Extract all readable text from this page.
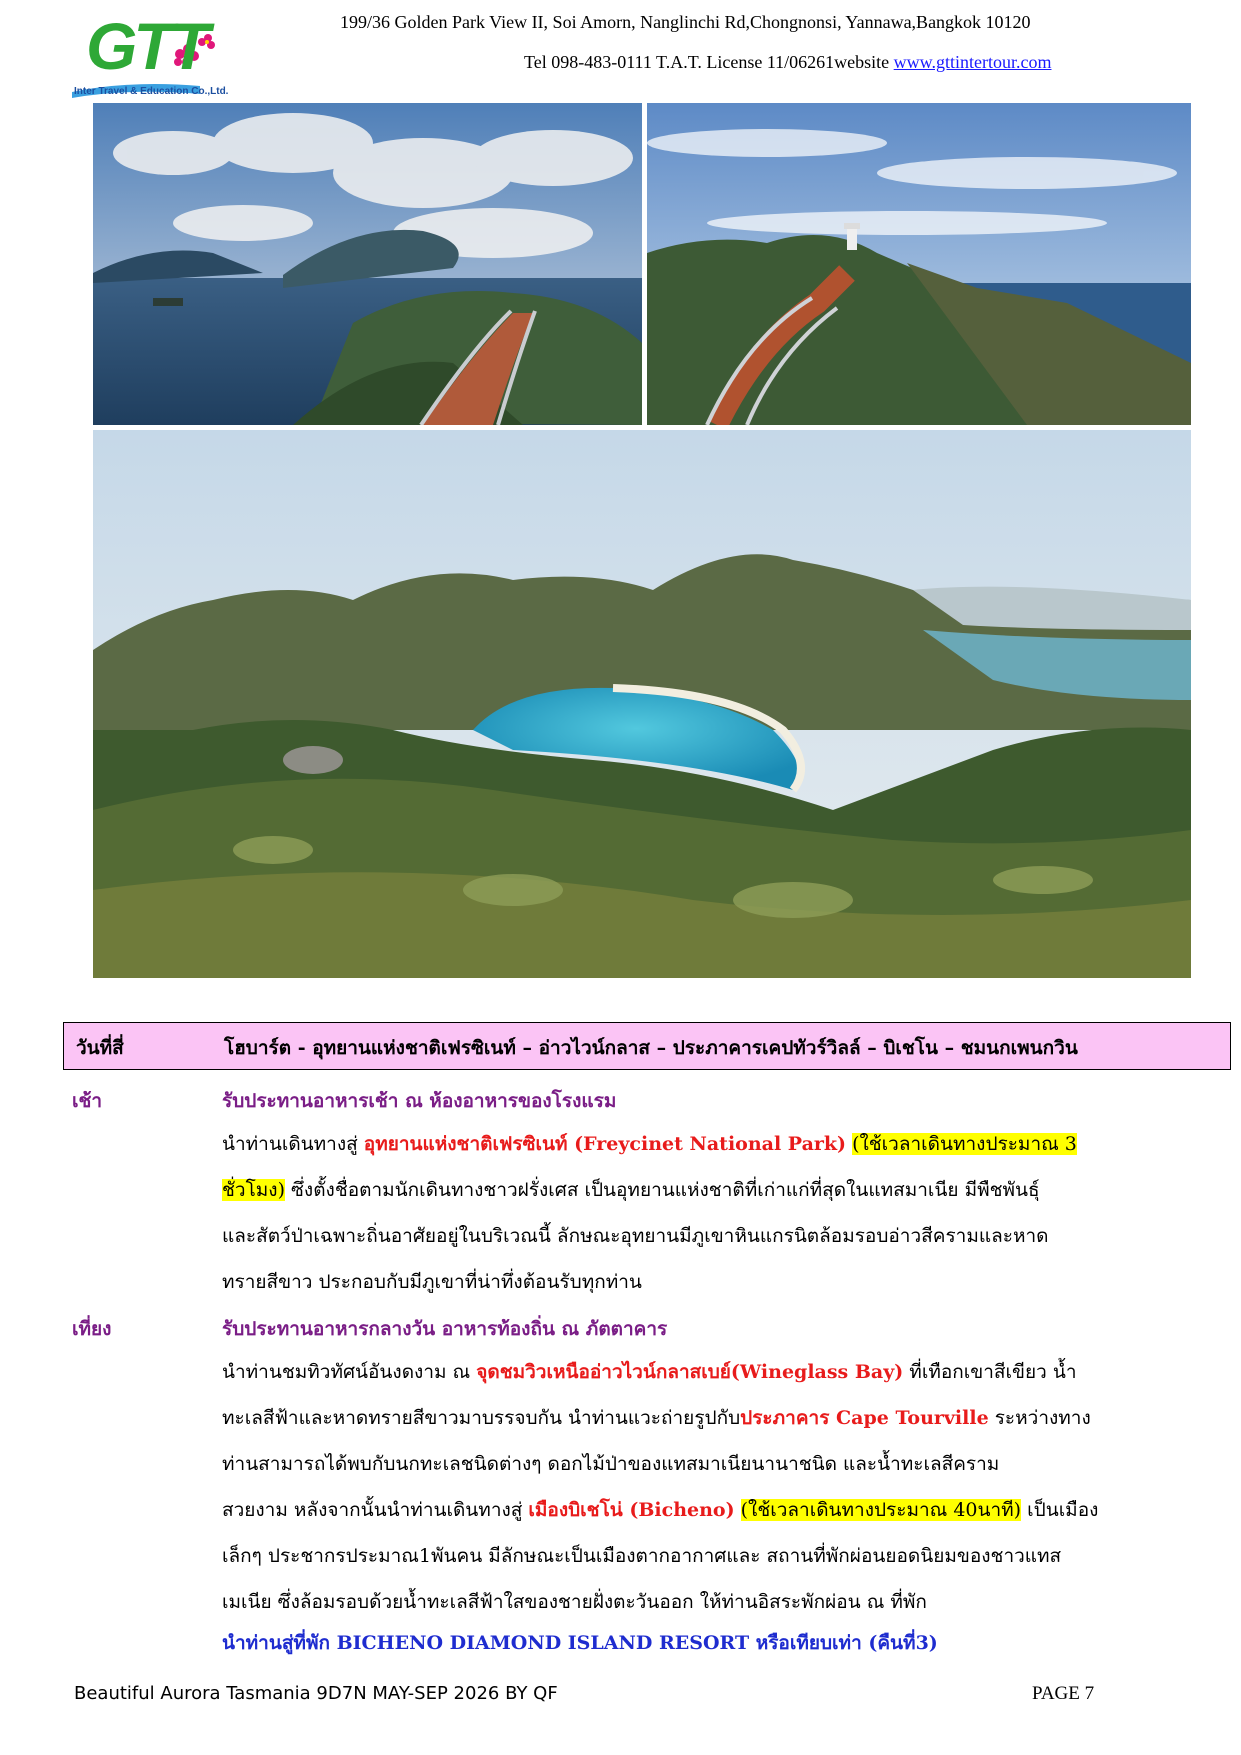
GTT
Inter Travel & Education Co.,Ltd.
199/36 Golden Park View II, Soi Amorn, Nanglinchi Rd,Chongnonsi, Yannawa,Bangkok 10120
Tel 098-483-0111 T.A.T. License 11/06261website www.gttintertour.com
วันที่สี่	โฮบาร์ต - อุทยานแห่งชาติเฟรซิเนท์ – อ่าวไวน์กลาส – ประภาคารเคปทัวร์วิลล์ – บิเชโน – ชมนกเพนกวิน
เช้า	รับประทานอาหารเช้า ณ ห้องอาหารของโรงแรม
นำท่านเดินทางสู่ อุทยานแห่งชาติเฟรซิเนท์ (Freycinet National Park) (ใช้เวลาเดินทางประมาณ 3
ชั่วโมง) ซึ่งตั้งชื่อตามนักเดินทางชาวฝรั่งเศส เป็นอุทยานแห่งชาติที่เก่าแก่ที่สุดในแทสมาเนีย มีพืชพันธุ์
และสัตว์ป่าเฉพาะถิ่นอาศัยอยู่ในบริเวณนี้ ลักษณะอุทยานมีภูเขาหินแกรนิตล้อมรอบอ่าวสีครามและหาด
ทรายสีขาว ประกอบกับมีภูเขาที่น่าทึ่งต้อนรับทุกท่าน
เที่ยง	รับประทานอาหารกลางวัน อาหารท้องถิ่น ณ ภัตตาคาร
นำท่านชมทิวทัศน์อันงดงาม ณ จุดชมวิวเหนืออ่าวไวน์กลาสเบย์(Wineglass Bay) ที่เทือกเขาสีเขียว น้ำ
ทะเลสีฟ้าและหาดทรายสีขาวมาบรรจบกัน นำท่านแวะถ่ายรูปกับประภาคาร Cape Tourville ระหว่างทาง
ท่านสามารถได้พบกับนกทะเลชนิดต่างๆ ดอกไม้ป่าของแทสมาเนียนานาชนิด และน้ำทะเลสีคราม
สวยงาม หลังจากนั้นนำท่านเดินทางสู่ เมืองบิเชโน่ (Bicheno) (ใช้เวลาเดินทางประมาณ 40นาที) เป็นเมือง
เล็กๆ ประชากรประมาณ1พันคน มีลักษณะเป็นเมืองตากอากาศและ สถานที่พักผ่อนยอดนิยมของชาวแทส
เมเนีย ซึ่งล้อมรอบด้วยน้ำทะเลสีฟ้าใสของชายฝั่งตะวันออก ให้ท่านอิสระพักผ่อน ณ ที่พัก
นำท่านสู่ที่พัก BICHENO DIAMOND ISLAND RESORT หรือเทียบเท่า (คืนที่3)
Beautiful Aurora Tasmania 9D7N MAY-SEP 2026 BY QF	PAGE 7
